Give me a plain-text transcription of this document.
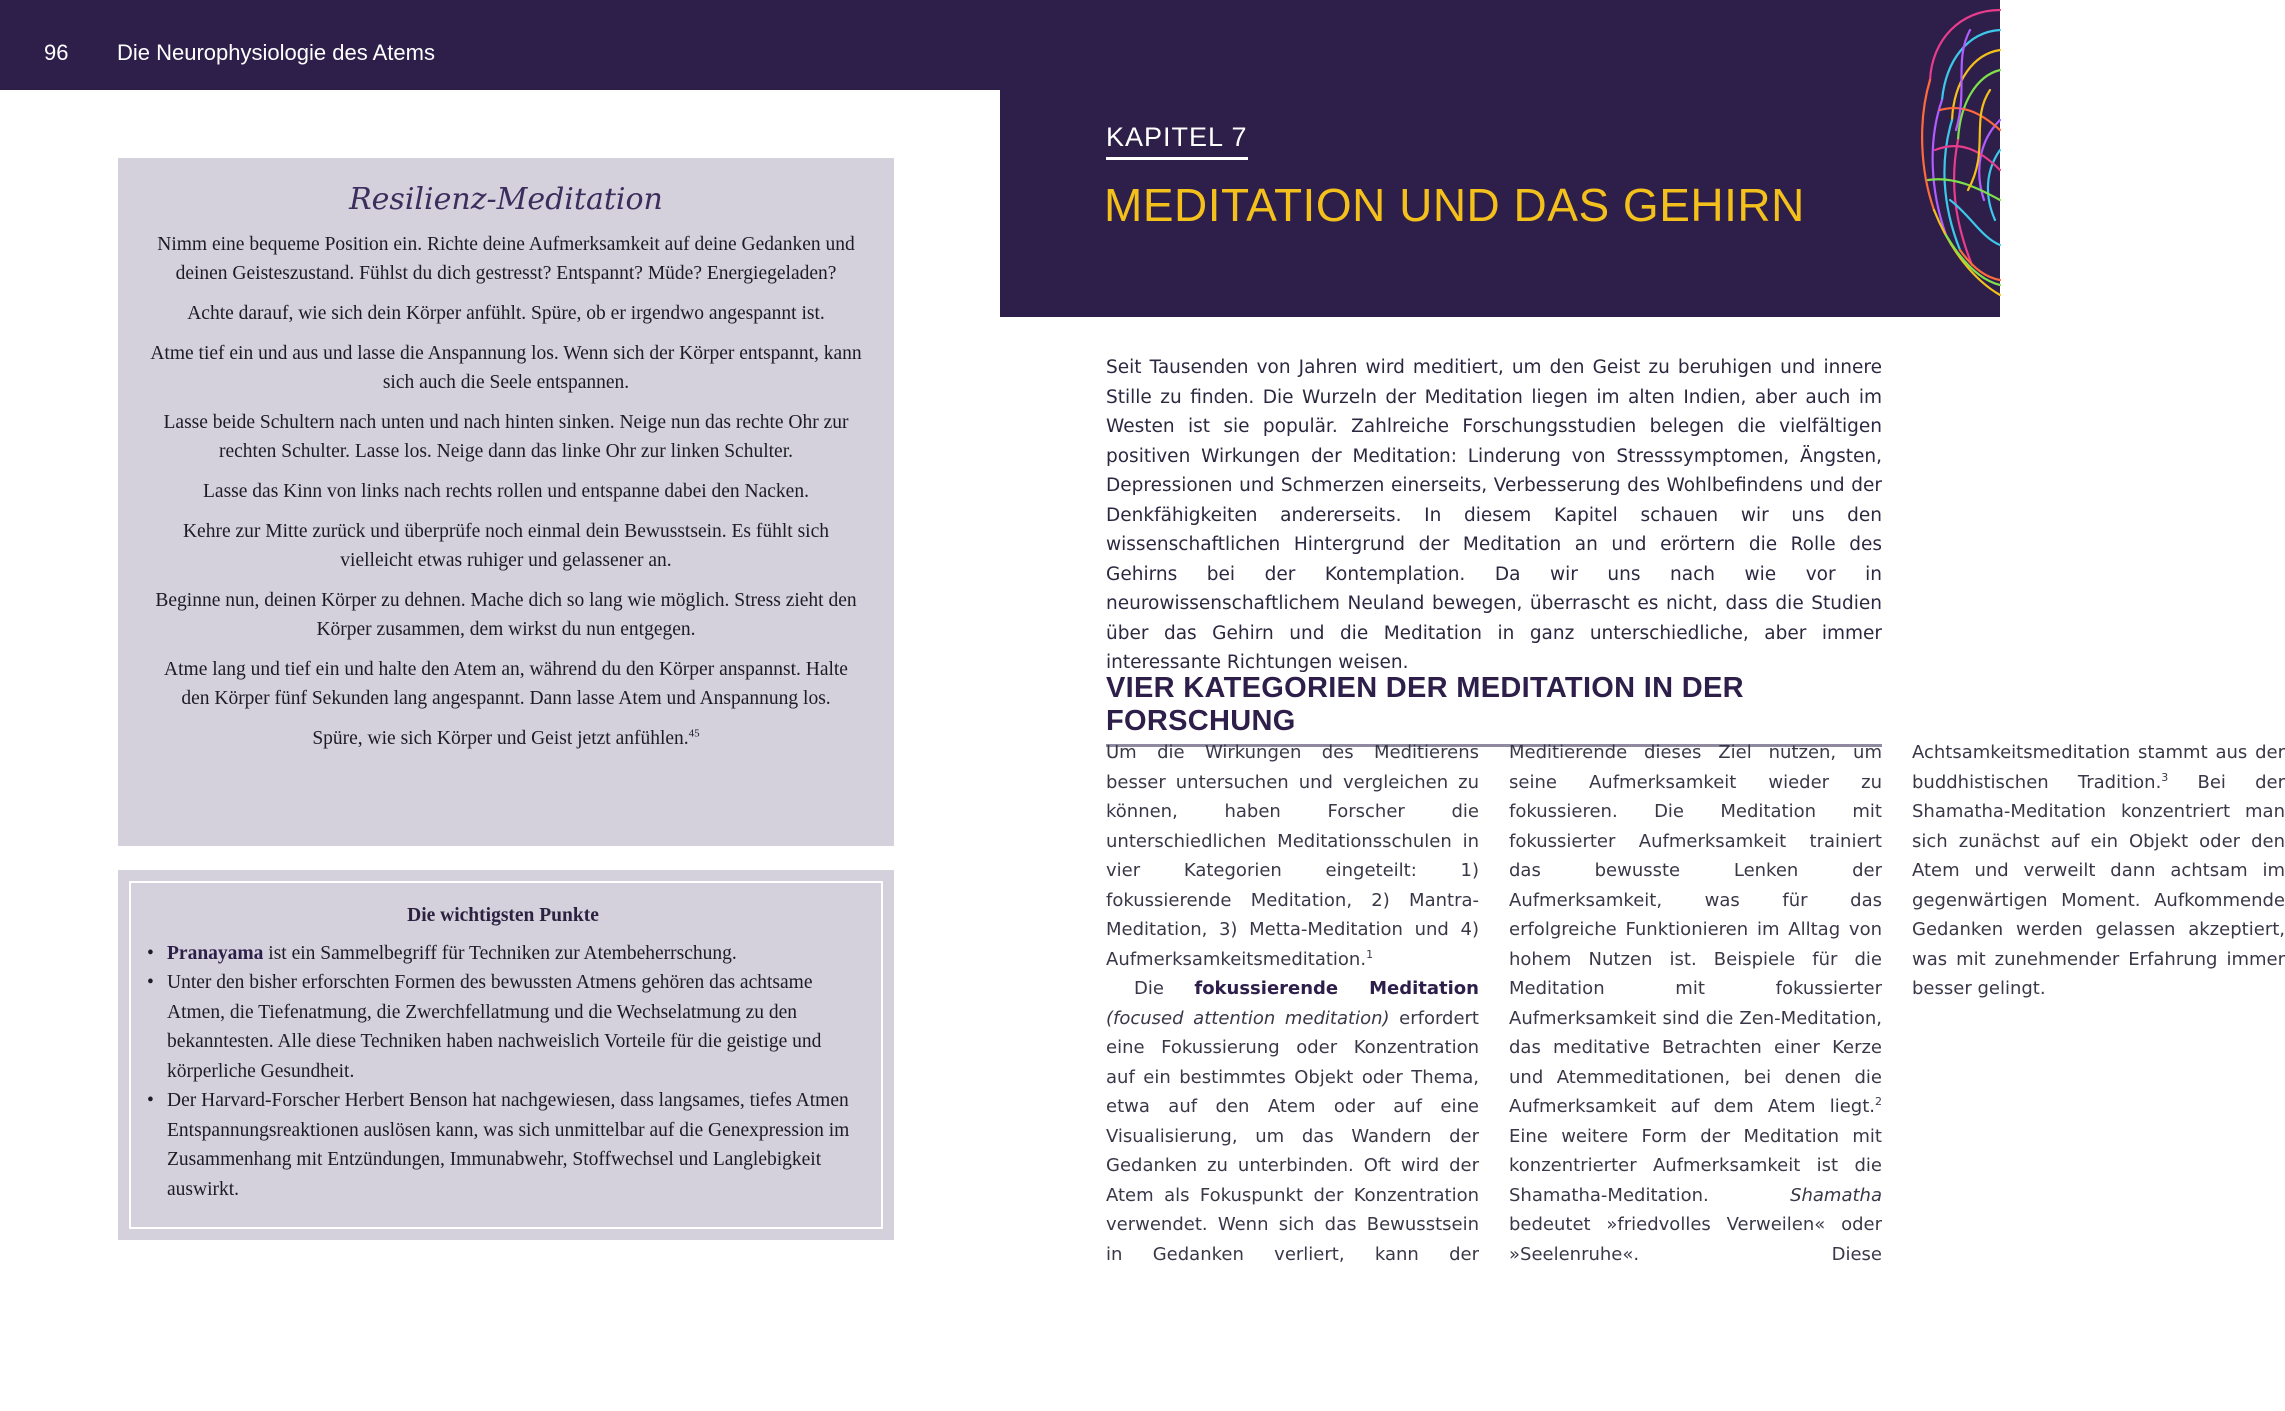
96 Die Neurophysiologie des Atems
KAPITEL 7
MEDITATION UND DAS GEHIRN
Resilienz-Meditation

Nimm eine bequeme Position ein. Richte deine Aufmerksamkeit auf deine Gedanken und deinen Geisteszustand. Fühlst du dich gestresst? Entspannt? Müde? Energiegeladen?

Achte darauf, wie sich dein Körper anfühlt. Spüre, ob er irgendwo angespannt ist.

Atme tief ein und aus und lasse die Anspannung los. Wenn sich der Körper entspannt, kann sich auch die Seele entspannen.

Lasse beide Schultern nach unten und nach hinten sinken. Neige nun das rechte Ohr zur rechten Schulter. Lasse los. Neige dann das linke Ohr zur linken Schulter.

Lasse das Kinn von links nach rechts rollen und entspanne dabei den Nacken.

Kehre zur Mitte zurück und überprüfe noch einmal dein Bewusstsein. Es fühlt sich vielleicht etwas ruhiger und gelassener an.

Beginne nun, deinen Körper zu dehnen. Mache dich so lang wie möglich. Stress zieht den Körper zusammen, dem wirkst du nun entgegen.

Atme lang und tief ein und halte den Atem an, während du den Körper anspannst. Halte den Körper fünf Sekunden lang angespannt. Dann lasse Atem und Anspannung los.

Spüre, wie sich Körper und Geist jetzt anfühlen.$^{45}$

Die wichtigsten Punkte
• Pranayama ist ein Sammelbegriff für Techniken zur Atembeherrschung.
• Unter den bisher erforschten Formen des bewussten Atmens gehören das achtsame Atmen, die Tiefenatmung, die Zwerchfellatmung und die Wechselatmung zu den bekanntesten. Alle diese Techniken haben nachweislich Vorteile für die geistige und körperliche Gesundheit.
• Der Harvard-Forscher Herbert Benson hat nachgewiesen, dass langsames, tiefes Atmen Entspannungsreaktionen auslösen kann, was sich unmittelbar auf die Genexpression im Zusammenhang mit Entzündungen, Immunabwehr, Stoffwechsel und Langlebigkeit auswirkt.

Seit Tausenden von Jahren wird meditiert, um den Geist zu beruhigen und innere Stille zu finden. Die Wurzeln der Meditation liegen im alten Indien, aber auch im Westen ist sie populär. Zahlreiche Forschungsstudien belegen die vielfältigen positiven Wirkungen der Meditation: Linderung von Stresssymptomen, Ängsten, Depressionen und Schmerzen einerseits, Verbesserung des Wohlbefindens und der Denkfähigkeiten andererseits. In diesem Kapitel schauen wir uns den wissenschaftlichen Hintergrund der Meditation an und erörtern die Rolle des Gehirns bei der Kontemplation. Da wir uns nach wie vor in neurowissenschaftlichem Neuland bewegen, überrascht es nicht, dass die Studien über das Gehirn und die Meditation in ganz unterschiedliche, aber immer interessante Richtungen weisen.

VIER KATEGORIEN DER MEDITATION IN DER FORSCHUNG

Um die Wirkungen des Meditierens besser untersuchen und vergleichen zu können, haben Forscher die unterschiedlichen Meditationsschulen in vier Kategorien eingeteilt: 1) fokussierende Meditation, 2) Mantra-Meditation, 3) Metta-Meditation und 4) Aufmerksamkeitsmeditation.$^1$

Die fokussierende Meditation (focused attention meditation) erfordert eine Fokussierung oder Konzentration auf ein bestimmtes Objekt oder Thema, etwa auf den Atem oder auf eine Visualisierung, um das Wandern der Gedanken zu unterbinden. Oft wird der Atem als Fokuspunkt der Konzentration verwendet. Wenn sich das Bewusstsein in Gedanken verliert, kann der Meditierende dieses Ziel nutzen, um seine Aufmerksamkeit wieder zu fokussieren. Die Meditation mit fokussierter Aufmerksamkeit trainiert das bewusste Lenken der Aufmerksamkeit, was für das erfolgreiche Funktionieren im Alltag von hohem Nutzen ist. Beispiele für die Meditation mit fokussierter Aufmerksamkeit sind die Zen-Meditation, das meditative Betrachten einer Kerze und Atemmeditationen, bei denen die Aufmerksamkeit auf dem Atem liegt.$^2$ Eine weitere Form der Meditation mit konzentrierter Aufmerksamkeit ist die Shamatha-Meditation. Shamatha bedeutet »friedvolles Verweilen« oder »Seelenruhe«. Diese Achtsamkeitsmeditation stammt aus der buddhistischen Tradition.$^3$ Bei der Shamatha-Meditation konzentriert man sich zunächst auf ein Objekt oder den Atem und verweilt dann achtsam im gegenwärtigen Moment. Aufkommende Gedanken werden gelassen akzeptiert, was mit zunehmender Erfahrung immer besser gelingt.
